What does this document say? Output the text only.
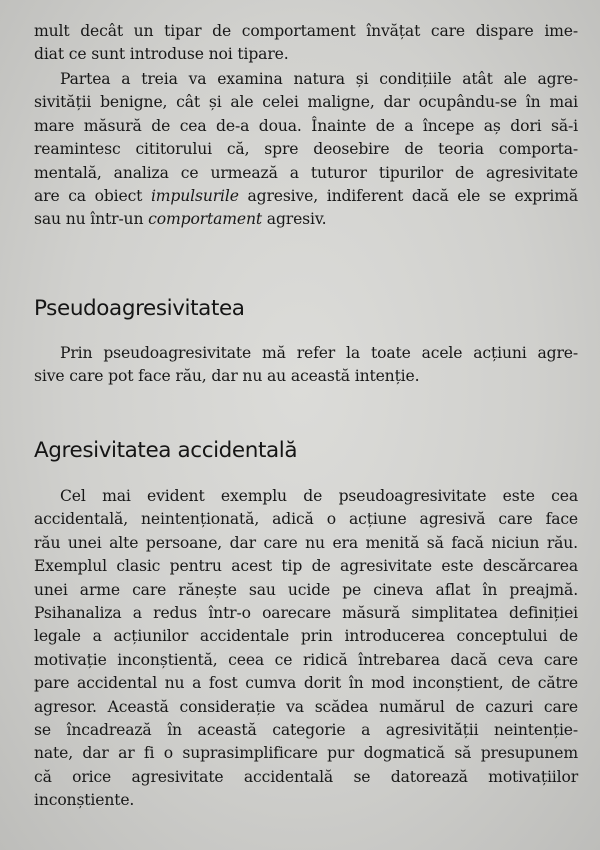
mult decât un tipar de comportament învățat care dispare ime-
diat ce sunt introduse noi tipare.
Partea a treia va examina natura și condițiile atât ale agre-
sivității benigne, cât și ale celei maligne, dar ocupându-se în mai
mare măsură de cea de-a doua. Înainte de a începe aș dori să-i
reamintesc cititorului că, spre deosebire de teoria comporta-
mentală, analiza ce urmează a tuturor tipurilor de agresivitate
are ca obiect impulsurile agresive, indiferent dacă ele se exprimă
sau nu într-un comportament agresiv.
Pseudoagresivitatea
Prin pseudoagresivitate mă refer la toate acele acțiuni agre-
sive care pot face rău, dar nu au această intenție.
Agresivitatea accidentală
Cel mai evident exemplu de pseudoagresivitate este cea
accidentală, neintenționată, adică o acțiune agresivă care face
rău unei alte persoane, dar care nu era menită să facă niciun rău.
Exemplul clasic pentru acest tip de agresivitate este descărcarea
unei arme care rănește sau ucide pe cineva aflat în preajmă.
Psihanaliza a redus într-o oarecare măsură simplitatea definiției
legale a acțiunilor accidentale prin introducerea conceptului de
motivație inconștientă, ceea ce ridică întrebarea dacă ceva care
pare accidental nu a fost cumva dorit în mod inconștient, de către
agresor. Această considerație va scădea numărul de cazuri care
se încadrează în această categorie a agresivității neintenție-
nate, dar ar fi o suprasimplificare pur dogmatică să presupunem
că orice agresivitate accidentală se datorează motivațiilor
inconștiente.
